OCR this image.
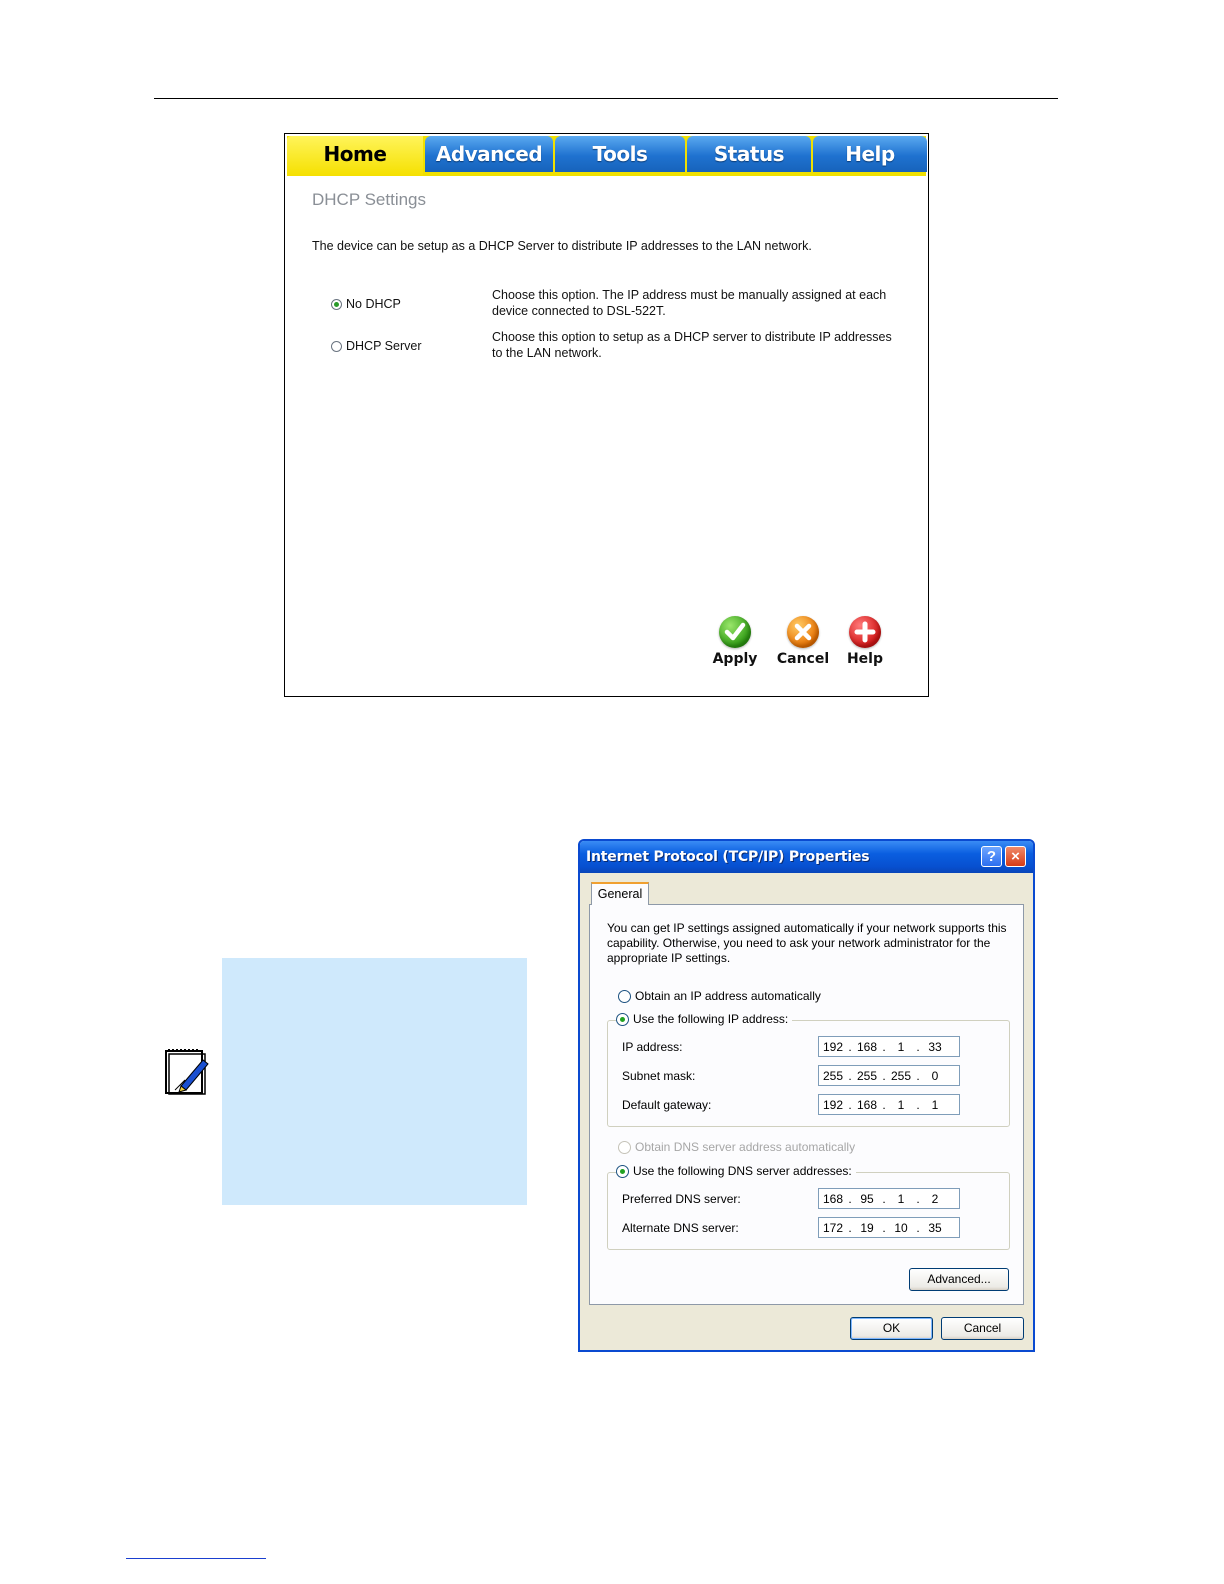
Home	Advanced	Tools	Status	Help
DHCP Settings
The device can be setup as a DHCP Server to distribute IP addresses to the LAN network.
No DHCP
Choose this option. The IP address must be manually assigned at each device connected to DSL-522T.
DHCP Server
Choose this option to setup as a DHCP server to distribute IP addresses to the LAN network.
Apply	Cancel	Help
Internet Protocol (TCP/IP) Properties	?	×
General
You can get IP settings assigned automatically if your network supports this capability. Otherwise, you need to ask your network administrator for the appropriate IP settings.
Obtain an IP address automatically
Use the following IP address:
IP address:	192 . 168 . 1 . 33
Subnet mask:	255 . 255 . 255 . 0
Default gateway:	192 . 168 . 1 . 1
Obtain DNS server address automatically
Use the following DNS server addresses:
Preferred DNS server:	168 . 95 . 1 . 2
Alternate DNS server:	172 . 19 . 10 . 35
Advanced...
OK	Cancel
